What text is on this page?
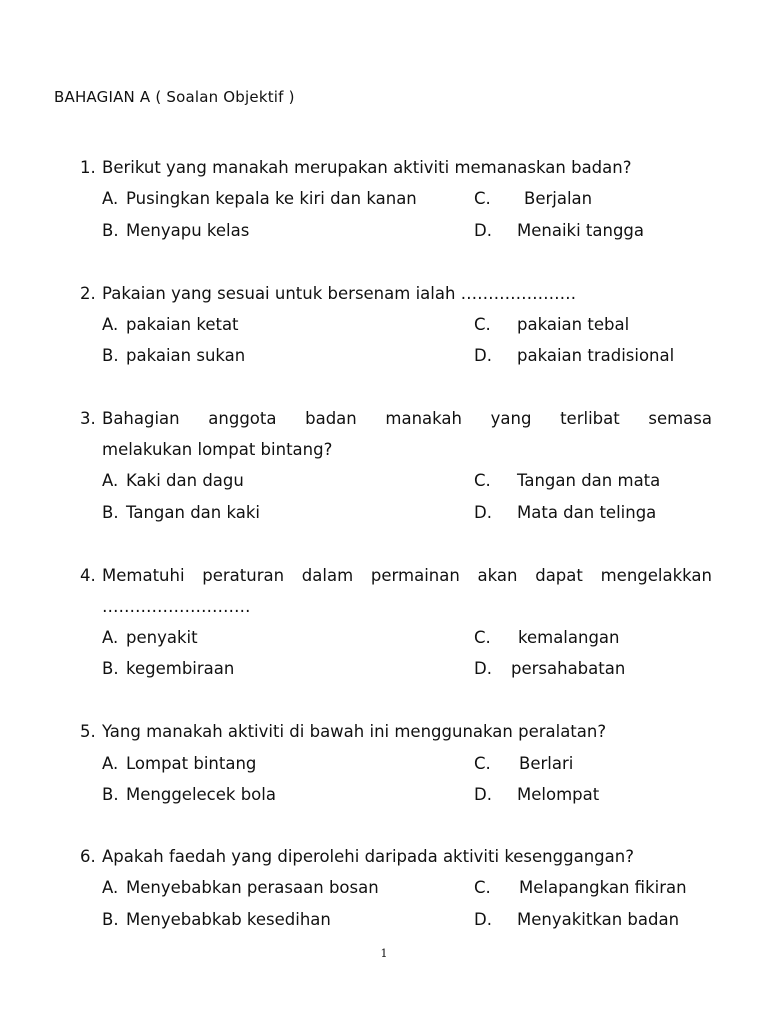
BAHAGIAN A ( Soalan Objektif )
1. Berikut yang manakah merupakan aktiviti memanaskan badan?
A. Pusingkan kepala ke kiri dan kanan	C. Berjalan
B. Menyapu kelas	D. Menaiki tangga
2. Pakaian yang sesuai untuk bersenam ialah …………………
A. pakaian ketat	C. pakaian tebal
B. pakaian sukan	D. pakaian tradisional
3. Bahagian anggota badan manakah yang terlibat semasa
melakukan lompat bintang?
A. Kaki dan dagu	C. Tangan dan mata
B. Tangan dan kaki	D. Mata dan telinga
4. Mematuhi peraturan dalam permainan akan dapat mengelakkan
………………………
A. penyakit	C. kemalangan
B. kegembiraan	D. persahabatan
5. Yang manakah aktiviti di bawah ini menggunakan peralatan?
A. Lompat bintang	C. Berlari
B. Menggelecek bola	D. Melompat
6. Apakah faedah yang diperolehi daripada aktiviti kesenggangan?
A. Menyebabkan perasaan bosan	C. Melapangkan fikiran
B. Menyebabkab kesedihan	D. Menyakitkan badan
1
